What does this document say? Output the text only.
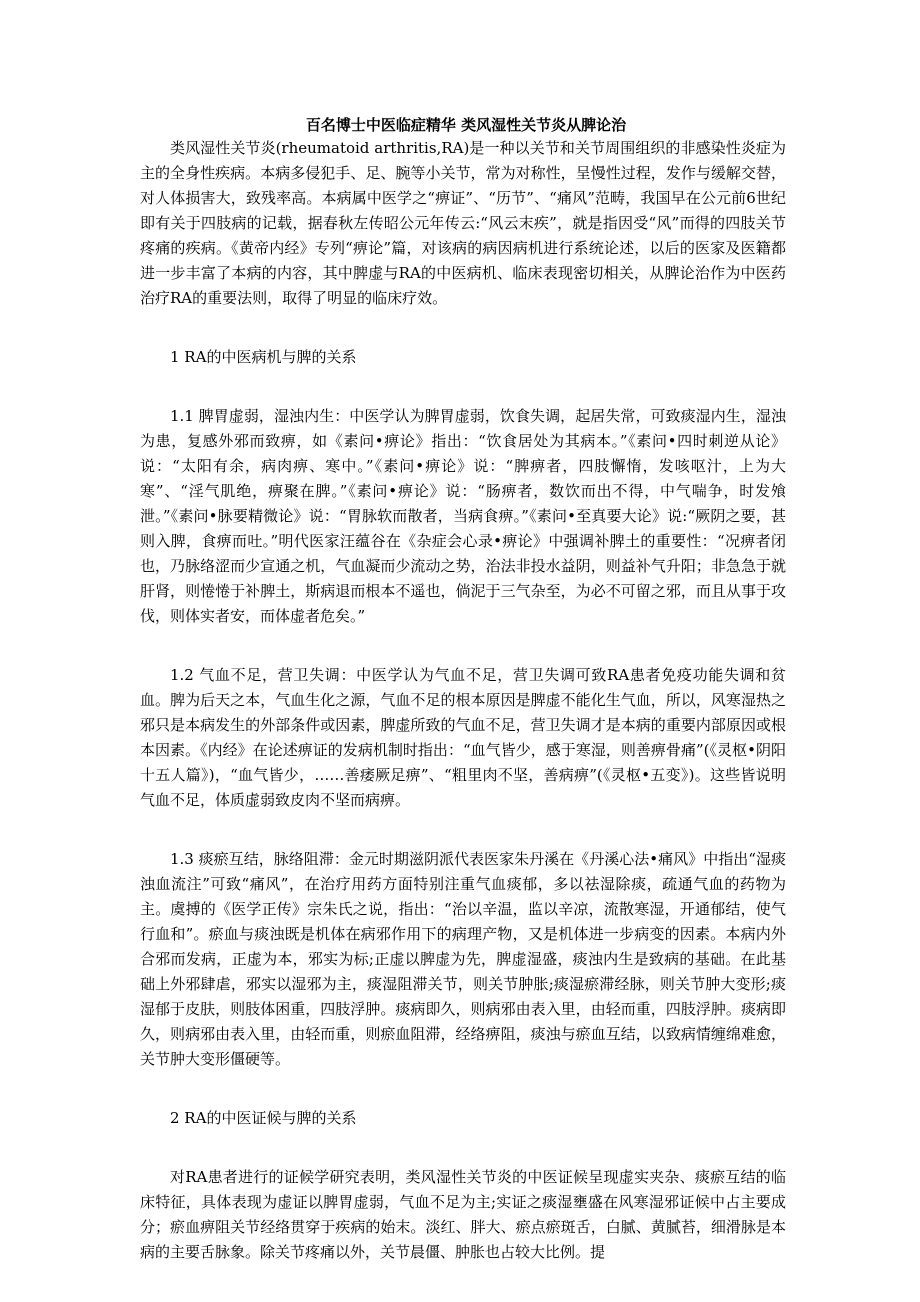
百名博士中医临症精华 类风湿性关节炎从脾论治

类风湿性关节炎(rheumatoid arthritis,RA)是一种以关节和关节周围组织的非感染性炎症为主的全身性疾病。本病多侵犯手、足、腕等小关节，常为对称性，呈慢性过程，发作与缓解交替，对人体损害大，致残率高。本病属中医学之“痹证”、“历节”、“痛风”范畴，我国早在公元前6世纪即有关于四肢病的记载，据春秋左传昭公元年传云:“风云末疾”，就是指因受“风”而得的四肢关节疼痛的疾病。《黄帝内经》专列“痹论”篇，对该病的病因病机进行系统论述，以后的医家及医籍都进一步丰富了本病的内容，其中脾虚与RA的中医病机、临床表现密切相关，从脾论治作为中医药治疗RA的重要法则，取得了明显的临床疗效。

1 RA的中医病机与脾的关系

1.1 脾胃虚弱，湿浊内生：中医学认为脾胃虚弱，饮食失调，起居失常，可致痰湿内生，湿浊为患，复感外邪而致痹，如《素问•痹论》指出：“饮食居处为其病本。”《素问•四时刺逆从论》说：“太阳有余，病肉痹、寒中。”《素问•痹论》说：“脾痹者，四肢懈惰，发咳呕汁，上为大寒”、“淫气肌绝，痹聚在脾。”《素问•痹论》说：“肠痹者，数饮而出不得，中气喘争，时发飧泄。”《素问•脉要精微论》说：“胃脉软而散者，当病食痹。”《素问•至真要大论》说:“厥阴之要，甚则入脾，食痹而吐。”明代医家汪蕴谷在《杂症会心录•痹论》中强调补脾土的重要性：“况痹者闭也，乃脉络涩而少宣通之机，气血凝而少流动之势，治法非投水益阴，则益补气升阳；非急急于就肝肾，则惓惓于补脾土，斯病退而根本不遥也，倘泥于三气杂至，为必不可留之邪，而且从事于攻伐，则体实者安，而体虚者危矣。”

1.2 气血不足，营卫失调：中医学认为气血不足，营卫失调可致RA患者免疫功能失调和贫血。脾为后天之本，气血生化之源，气血不足的根本原因是脾虚不能化生气血，所以，风寒湿热之邪只是本病发生的外部条件或因素，脾虚所致的气血不足，营卫失调才是本病的重要内部原因或根本因素。《内经》在论述痹证的发病机制时指出：“血气皆少，感于寒湿，则善痹骨痛”(《灵枢•阴阳十五人篇》)，“血气皆少，……善痿厥足痹”、“粗里肉不坚，善病痹”(《灵枢•五变》)。这些皆说明气血不足，体质虚弱致皮肉不坚而病痹。

1.3 痰瘀互结，脉络阻滞：金元时期滋阴派代表医家朱丹溪在《丹溪心法•痛风》中指出“湿痰浊血流注”可致“痛风”，在治疗用药方面特别注重气血痰郁，多以祛湿除痰，疏通气血的药物为主。虞搏的《医学正传》宗朱氏之说，指出：“治以辛温，监以辛凉，流散寒湿，开通郁结，使气行血和”。瘀血与痰浊既是机体在病邪作用下的病理产物，又是机体进一步病变的因素。本病内外合邪而发病，正虚为本，邪实为标;正虚以脾虚为先，脾虚湿盛，痰浊内生是致病的基础。在此基础上外邪肆虐，邪实以湿邪为主，痰湿阻滞关节，则关节肿胀;痰湿瘀滞经脉，则关节肿大变形;痰湿郁于皮肤，则肢体困重，四肢浮肿。痰病即久，则病邪由表入里，由轻而重，四肢浮肿。痰病即久，则病邪由表入里，由轻而重，则瘀血阻滞，经络痹阻，痰浊与瘀血互结，以致病情缠绵难愈，关节肿大变形僵硬等。

2 RA的中医证候与脾的关系

对RA患者进行的证候学研究表明，类风湿性关节炎的中医证候呈现虚实夹杂、痰瘀互结的临床特征，具体表现为虚证以脾胃虚弱，气血不足为主;实证之痰湿壅盛在风寒湿邪证候中占主要成分；瘀血痹阻关节经络贯穿于疾病的始末。淡红、胖大、瘀点瘀斑舌，白腻、黄腻苔，细滑脉是本病的主要舌脉象。除关节疼痛以外，关节晨僵、肿胀也占较大比例。提
